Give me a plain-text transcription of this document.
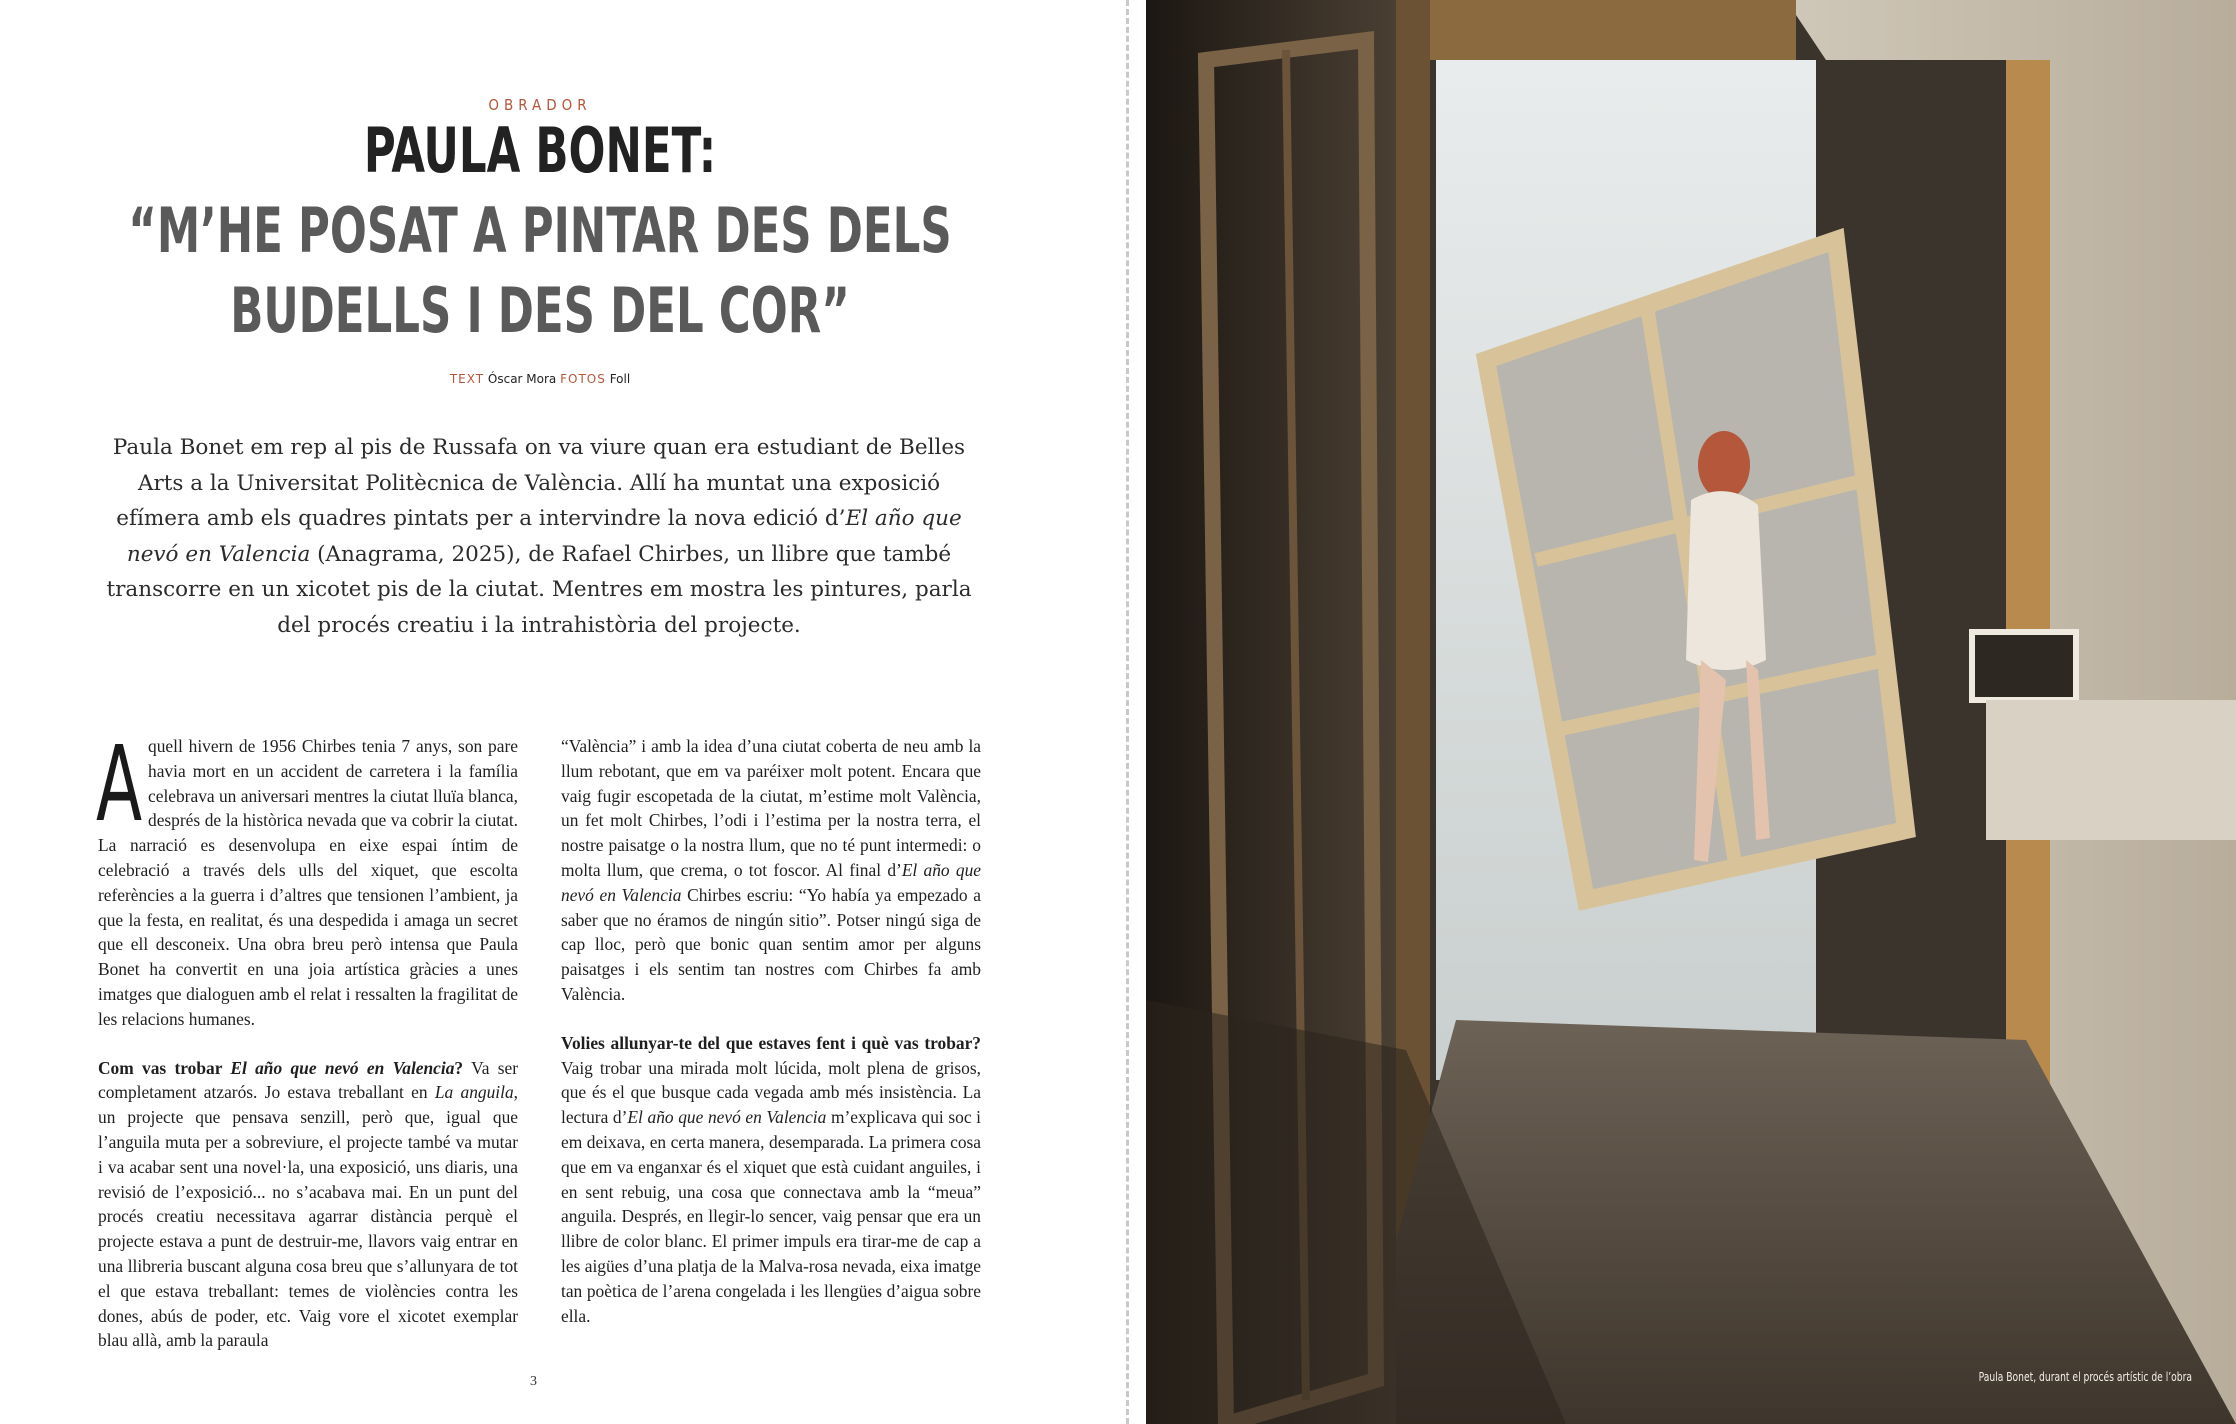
OBRADOR
PAULA BONET:
“M’HE POSAT A PINTAR DES DELS
BUDELLS I DES DEL COR”
TEXT Óscar Mora FOTOS Foll

Paula Bonet em rep al pis de Russafa on va viure quan era estudiant de Belles Arts a la Universitat Politècnica de València. Allí ha muntat una exposició efímera amb els quadres pintats per a intervindre la nova edició d’El año que nevó en Valencia (Anagrama, 2025), de Rafael Chirbes, un llibre que també transcorre en un xicotet pis de la ciutat. Mentres em mostra les pintures, parla del procés creatiu i la intrahistòria del projecte.

Aquell hivern de 1956 Chirbes tenia 7 anys, son pare havia mort en un accident de carretera i la família celebrava un aniversari mentres la ciutat lluïa blanca, després de la històrica nevada que va cobrir la ciutat. La narració es desenvolupa en eixe espai íntim de celebració a través dels ulls del xiquet, que escolta referències a la guerra i d’altres que tensionen l’ambient, ja que la festa, en realitat, és una despedida i amaga un secret que ell desconeix. Una obra breu però intensa que Paula Bonet ha convertit en una joia artística gràcies a unes imatges que dialoguen amb el relat i ressalten la fragilitat de les relacions humanes.

Com vas trobar El año que nevó en Valencia? Va ser completament atzarós. Jo estava treballant en La anguila, un projecte que pensava senzill, però que, igual que l’anguila muta per a sobreviure, el projecte també va mutar i va acabar sent una novel·la, una exposició, uns diaris, una revisió de l’exposició... no s’acabava mai. En un punt del procés creatiu necessitava agarrar distància perquè el projecte estava a punt de destruir-me, llavors vaig entrar en una llibreria buscant alguna cosa breu que s’allunyara de tot el que estava treballant: temes de violències contra les dones, abús de poder, etc. Vaig vore el xicotet exemplar blau allà, amb la paraula

“València” i amb la idea d’una ciutat coberta de neu amb la llum rebotant, que em va paréixer molt potent. Encara que vaig fugir escopetada de la ciutat, m’estime molt València, un fet molt Chirbes, l’odi i l’estima per la nostra terra, el nostre paisatge o la nostra llum, que no té punt intermedi: o molta llum, que crema, o tot foscor. Al final d’El año que nevó en Valencia Chirbes escriu: “Yo había ya empezado a saber que no éramos de ningún sitio”. Potser ningú siga de cap lloc, però que bonic quan sentim amor per alguns paisatges i els sentim tan nostres com Chirbes fa amb València.

Volies allunyar-te del que estaves fent i què vas trobar? Vaig trobar una mirada molt lúcida, molt plena de grisos, que és el que busque cada vegada amb més insistència. La lectura d’El año que nevó en Valencia m’explicava qui soc i em deixava, en certa manera, desemparada. La primera cosa que em va enganxar és el xiquet que està cuidant anguiles, i en sent rebuig, una cosa que connectava amb la “meua” anguila. Després, en llegir-lo sencer, vaig pensar que era un llibre de color blanc. El primer impuls era tirar-me de cap a les aigües d’una platja de la Malva-rosa nevada, eixa imatge tan poètica de l’arena congelada i les llengües d’aigua sobre ella.

3	Paula Bonet, durant el procés artístic de l’obra
